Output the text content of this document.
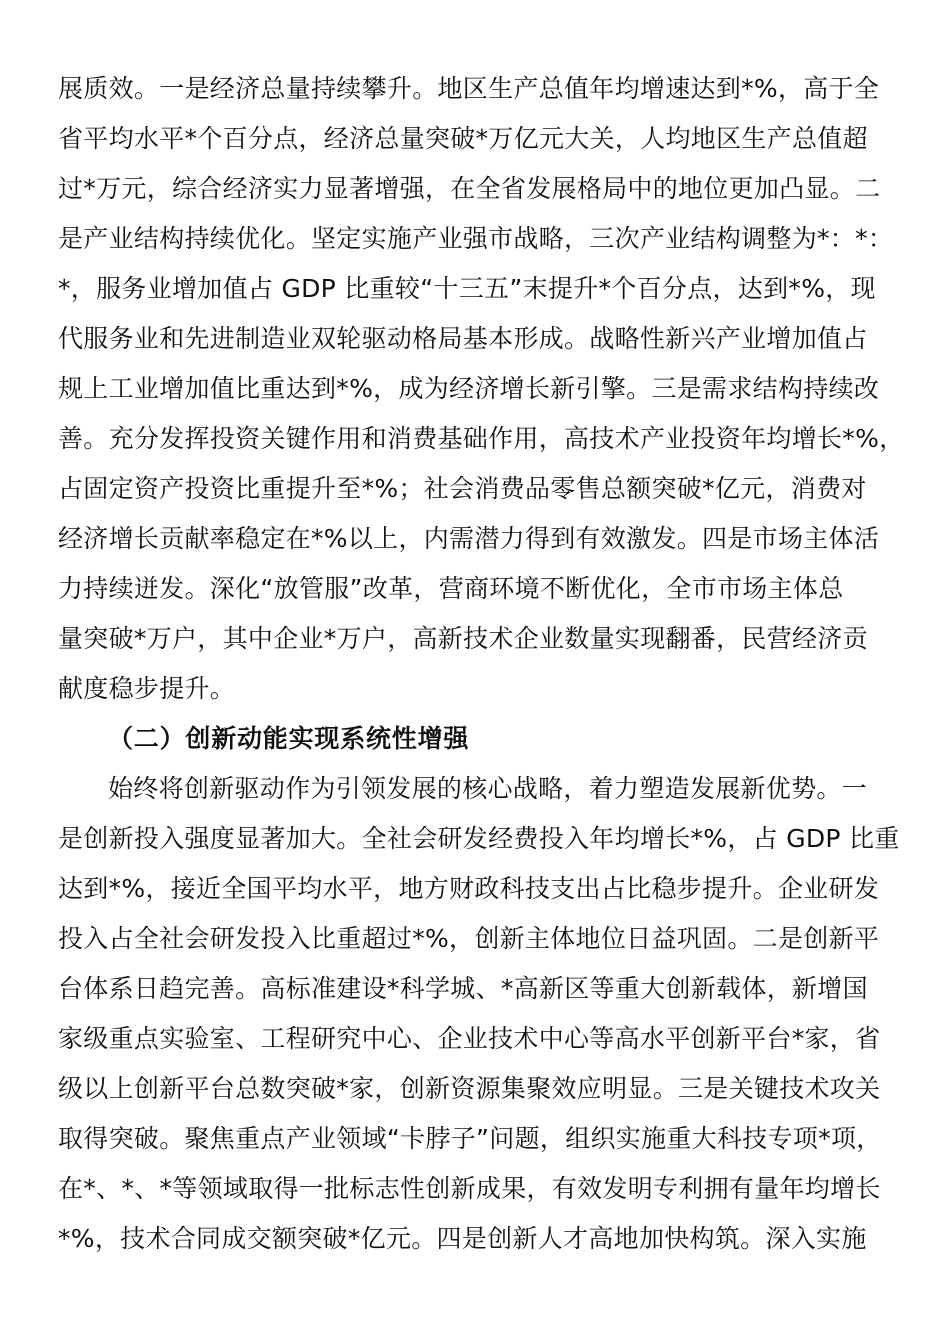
展质效。一是经济总量持续攀升。地区生产总值年均增速达到*%，高于全
省平均水平*个百分点，经济总量突破*万亿元大关，人均地区生产总值超
过*万元，综合经济实力显著增强，在全省发展格局中的地位更加凸显。二
是产业结构持续优化。坚定实施产业强市战略，三次产业结构调整为*：*：
*，服务业增加值占 GDP 比重较“十三五”末提升*个百分点，达到*%，现
代服务业和先进制造业双轮驱动格局基本形成。战略性新兴产业增加值占
规上工业增加值比重达到*%，成为经济增长新引擎。三是需求结构持续改
善。充分发挥投资关键作用和消费基础作用，高技术产业投资年均增长*%，
占固定资产投资比重提升至*%；社会消费品零售总额突破*亿元，消费对
经济增长贡献率稳定在*%以上，内需潜力得到有效激发。四是市场主体活
力持续迸发。深化“放管服”改革，营商环境不断优化，全市市场主体总
量突破*万户，其中企业*万户，高新技术企业数量实现翻番，民营经济贡
献度稳步提升。
（二）创新动能实现系统性增强
始终将创新驱动作为引领发展的核心战略，着力塑造发展新优势。一
是创新投入强度显著加大。全社会研发经费投入年均增长*%，占 GDP 比重
达到*%，接近全国平均水平，地方财政科技支出占比稳步提升。企业研发
投入占全社会研发投入比重超过*%，创新主体地位日益巩固。二是创新平
台体系日趋完善。高标准建设*科学城、*高新区等重大创新载体，新增国
家级重点实验室、工程研究中心、企业技术中心等高水平创新平台*家，省
级以上创新平台总数突破*家，创新资源集聚效应明显。三是关键技术攻关
取得突破。聚焦重点产业领域“卡脖子”问题，组织实施重大科技专项*项，
在*、*、*等领域取得一批标志性创新成果，有效发明专利拥有量年均增长
*%，技术合同成交额突破*亿元。四是创新人才高地加快构筑。深入实施
